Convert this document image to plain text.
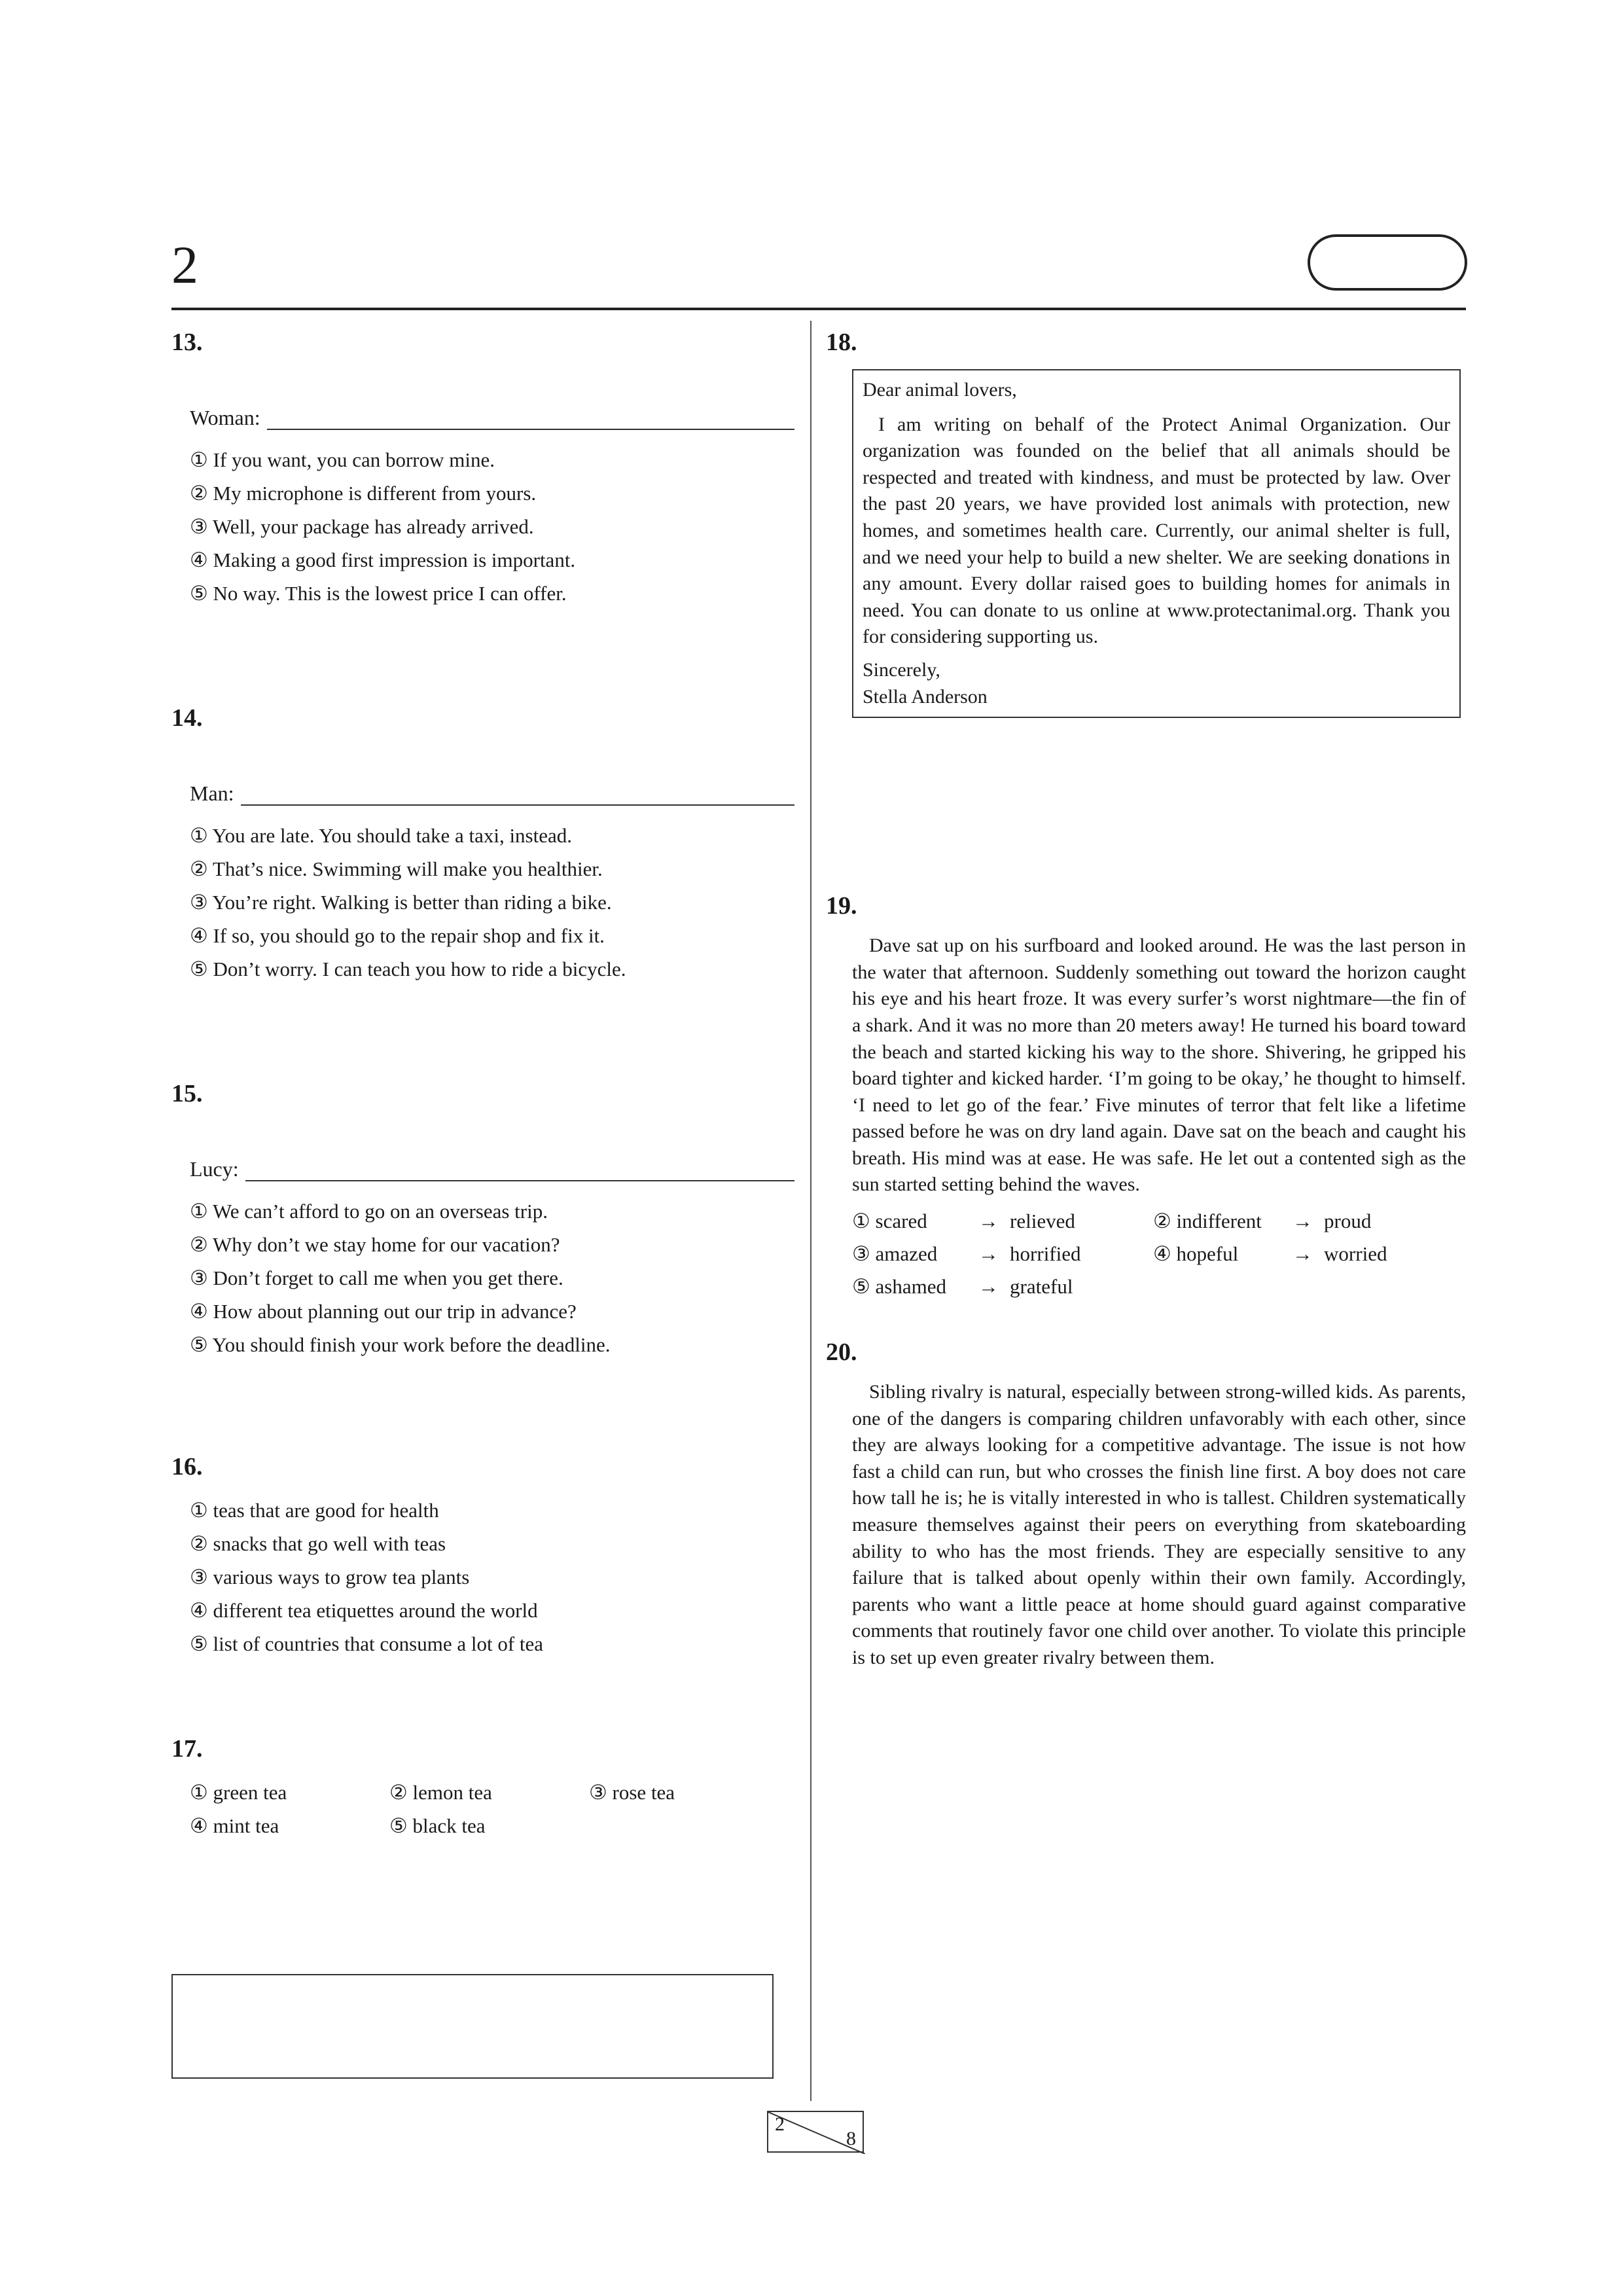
2
13.

Woman:
① If you want, you can borrow mine.
② My microphone is different from yours.
③ Well, your package has already arrived.
④ Making a good first impression is important.
⑤ No way. This is the lowest price I can offer.
14.

Man:
① You are late. You should take a taxi, instead.
② That’s nice. Swimming will make you healthier.
③ You’re right. Walking is better than riding a bike.
④ If so, you should go to the repair shop and fix it.
⑤ Don’t worry. I can teach you how to ride a bicycle.
15.

Lucy:
① We can’t afford to go on an overseas trip.
② Why don’t we stay home for our vacation?
③ Don’t forget to call me when you get there.
④ How about planning out our trip in advance?
⑤ You should finish your work before the deadline.
16.
① teas that are good for health
② snacks that go well with teas
③ various ways to grow tea plants
④ different tea etiquettes around the world
⑤ list of countries that consume a lot of tea
17.
① green tea	② lemon tea	③ rose tea
④ mint tea	⑤ black tea
18.

Dear animal lovers,

I am writing on behalf of the Protect Animal Organization. Our organization was founded on the belief that all animals should be respected and treated with kindness, and must be protected by law. Over the past 20 years, we have provided lost animals with protection, new homes, and sometimes health care. Currently, our animal shelter is full, and we need your help to build a new shelter. We are seeking donations in any amount. Every dollar raised goes to building homes for animals in need. You can donate to us online at www.protectanimal.org. Thank you for considering supporting us.

Sincerely,

Stella Anderson

19.

Dave sat up on his surfboard and looked around. He was the last person in the water that afternoon. Suddenly something out toward the horizon caught his eye and his heart froze. It was every surfer’s worst nightmare—the fin of a shark. And it was no more than 20 meters away! He turned his board toward the beach and started kicking his way to the shore. Shivering, he gripped his board tighter and kicked harder. ‘I’m going to be okay,’ he thought to himself. ‘I need to let go of the fear.’ Five minutes of terror that felt like a lifetime passed before he was on dry land again. Dave sat on the beach and caught his breath. His mind was at ease. He was safe. He let out a contented sigh as the sun started setting behind the waves.

① scared	→ relieved	② indifferent → proud
③ amazed → horrified	④ hopeful	→ worried
⑤ ashamed → grateful
20.

Sibling rivalry is natural, especially between strong-willed kids. As parents, one of the dangers is comparing children unfavorably with each other, since they are always looking for a competitive advantage. The issue is not how fast a child can run, but who crosses the finish line first. A boy does not care how tall he is; he is vitally interested in who is tallest. Children systematically measure themselves against their peers on everything from skateboarding ability to who has the most friends. They are especially sensitive to any failure that is talked about openly within their own family. Accordingly, parents who want a little peace at home should guard against comparative comments that routinely favor one child over another. To violate this principle is to set up even greater rivalry between them.

2
8
